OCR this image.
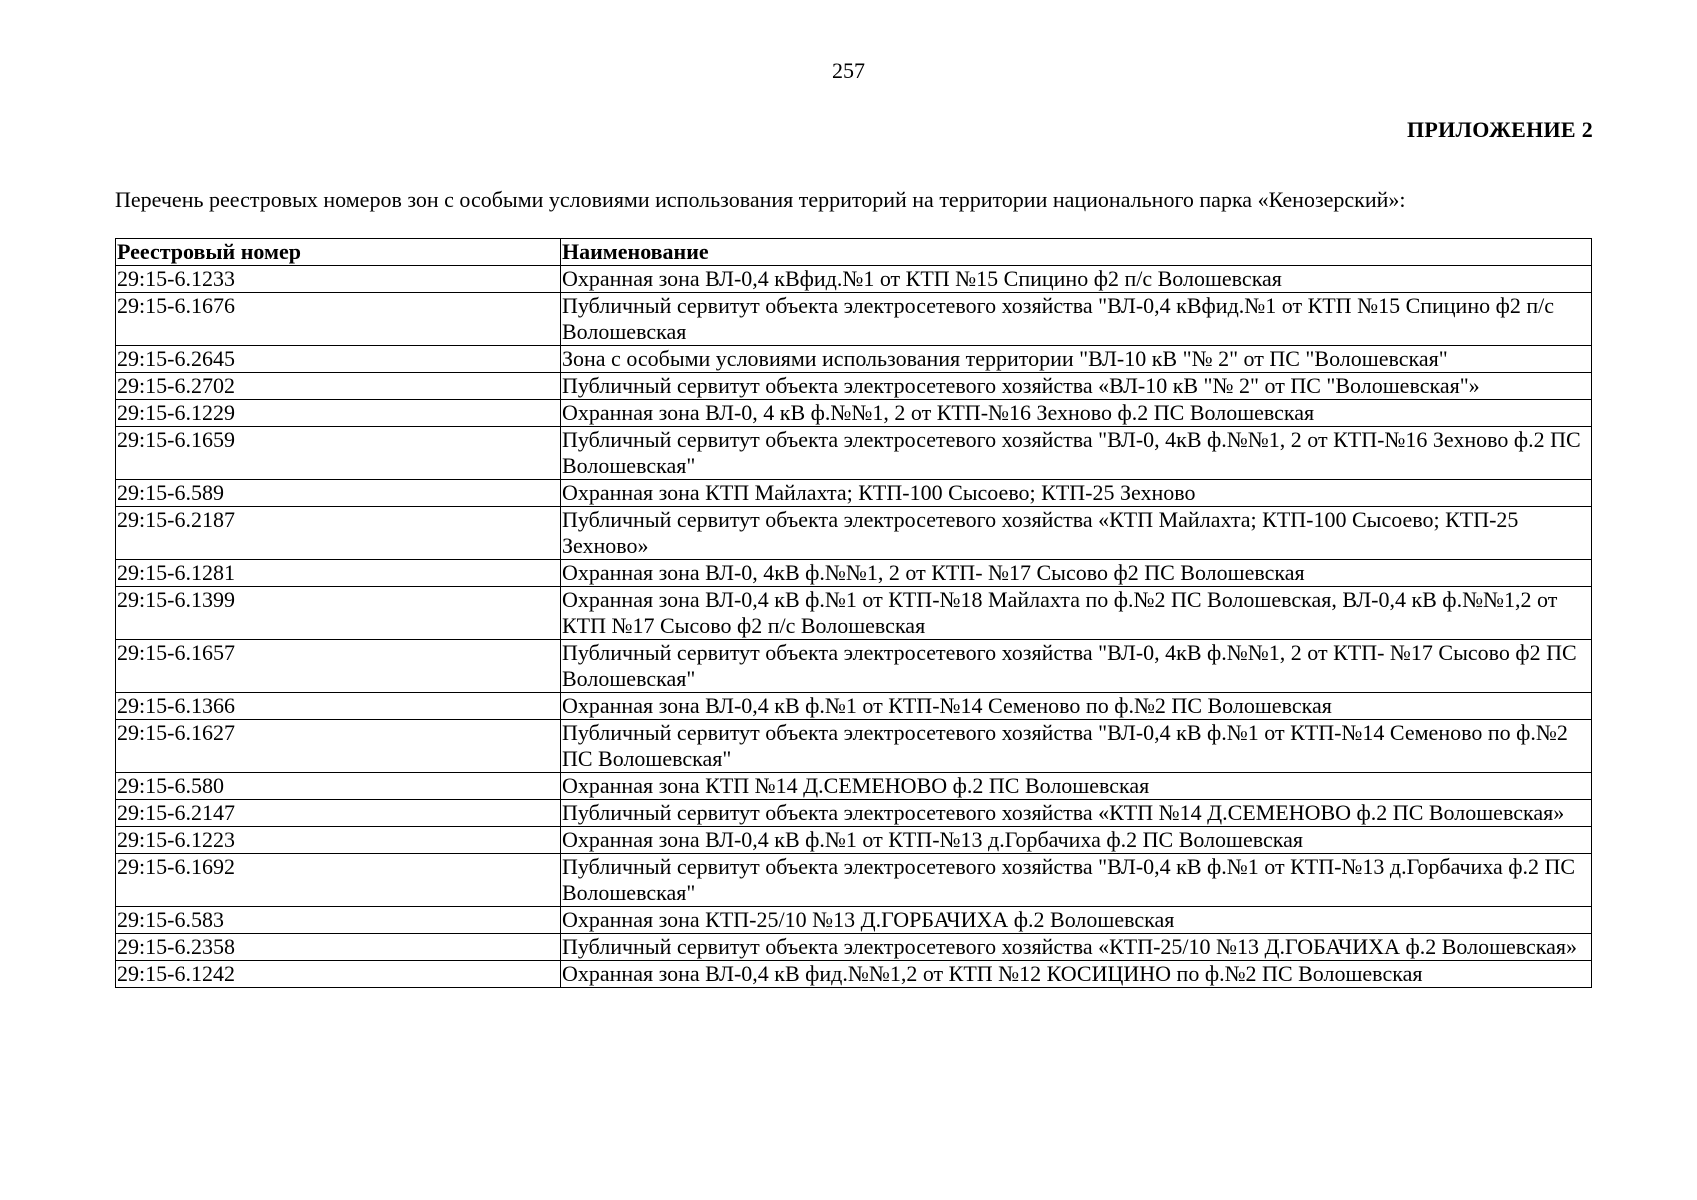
257
ПРИЛОЖЕНИЕ 2
Перечень реестровых номеров зон с особыми условиями использования территорий на территории национального парка «Кенозерский»:
Реестровый номер	Наименование
29:15-6.1233	Охранная зона ВЛ-0,4 кВфид.№1 от КТП №15 Спицино ф2 п/с Волошевская
29:15-6.1676	Публичный сервитут объекта электросетевого хозяйства "ВЛ-0,4 кВфид.№1 от КТП №15 Спицино ф2 п/с Волошевская
29:15-6.2645	Зона с особыми условиями использования территории "ВЛ-10 кВ "№ 2" от ПС "Волошевская"
29:15-6.2702	Публичный сервитут объекта электросетевого хозяйства «ВЛ-10 кВ "№ 2" от ПС "Волошевская"»
29:15-6.1229	Охранная зона ВЛ-0, 4 кВ ф.№№1, 2 от КТП-№16 Зехново ф.2 ПС Волошевская
29:15-6.1659	Публичный сервитут объекта электросетевого хозяйства "ВЛ-0, 4кВ ф.№№1, 2 от КТП-№16 Зехново ф.2 ПС Волошевская"
29:15-6.589	Охранная зона КТП Майлахта; КТП-100 Сысоево; КТП-25 Зехново
29:15-6.2187	Публичный сервитут объекта электросетевого хозяйства «КТП Майлахта; КТП-100 Сысоево; КТП-25 Зехново»
29:15-6.1281	Охранная зона ВЛ-0, 4кВ ф.№№1, 2 от КТП- №17 Сысово ф2 ПС Волошевская
29:15-6.1399	Охранная зона ВЛ-0,4 кВ ф.№1 от КТП-№18 Майлахта по ф.№2 ПС Волошевская, ВЛ-0,4 кВ ф.№№1,2 от КТП №17 Сысово ф2 п/с Волошевская
29:15-6.1657	Публичный сервитут объекта электросетевого хозяйства "ВЛ-0, 4кВ ф.№№1, 2 от КТП- №17 Сысово ф2 ПС Волошевская"
29:15-6.1366	Охранная зона ВЛ-0,4 кВ ф.№1 от КТП-№14 Семеново по ф.№2 ПС Волошевская
29:15-6.1627	Публичный сервитут объекта электросетевого хозяйства "ВЛ-0,4 кВ ф.№1 от КТП-№14 Семеново по ф.№2 ПС Волошевская"
29:15-6.580	Охранная зона КТП №14 Д.СЕМЕНОВО ф.2 ПС Волошевская
29:15-6.2147	Публичный сервитут объекта электросетевого хозяйства «КТП №14 Д.СЕМЕНОВО ф.2 ПС Волошевская»
29:15-6.1223	Охранная зона ВЛ-0,4 кВ ф.№1 от КТП-№13 д.Горбачиха ф.2 ПС Волошевская
29:15-6.1692	Публичный сервитут объекта электросетевого хозяйства "ВЛ-0,4 кВ ф.№1 от КТП-№13 д.Горбачиха ф.2 ПС Волошевская"
29:15-6.583	Охранная зона КТП-25/10 №13 Д.ГОРБАЧИХА ф.2 Волошевская
29:15-6.2358	Публичный сервитут объекта электросетевого хозяйства «КТП-25/10 №13 Д.ГОБАЧИХА ф.2 Волошевская»
29:15-6.1242	Охранная зона ВЛ-0,4 кВ фид.№№1,2 от КТП №12 КОСИЦИНО по ф.№2 ПС Волошевская
